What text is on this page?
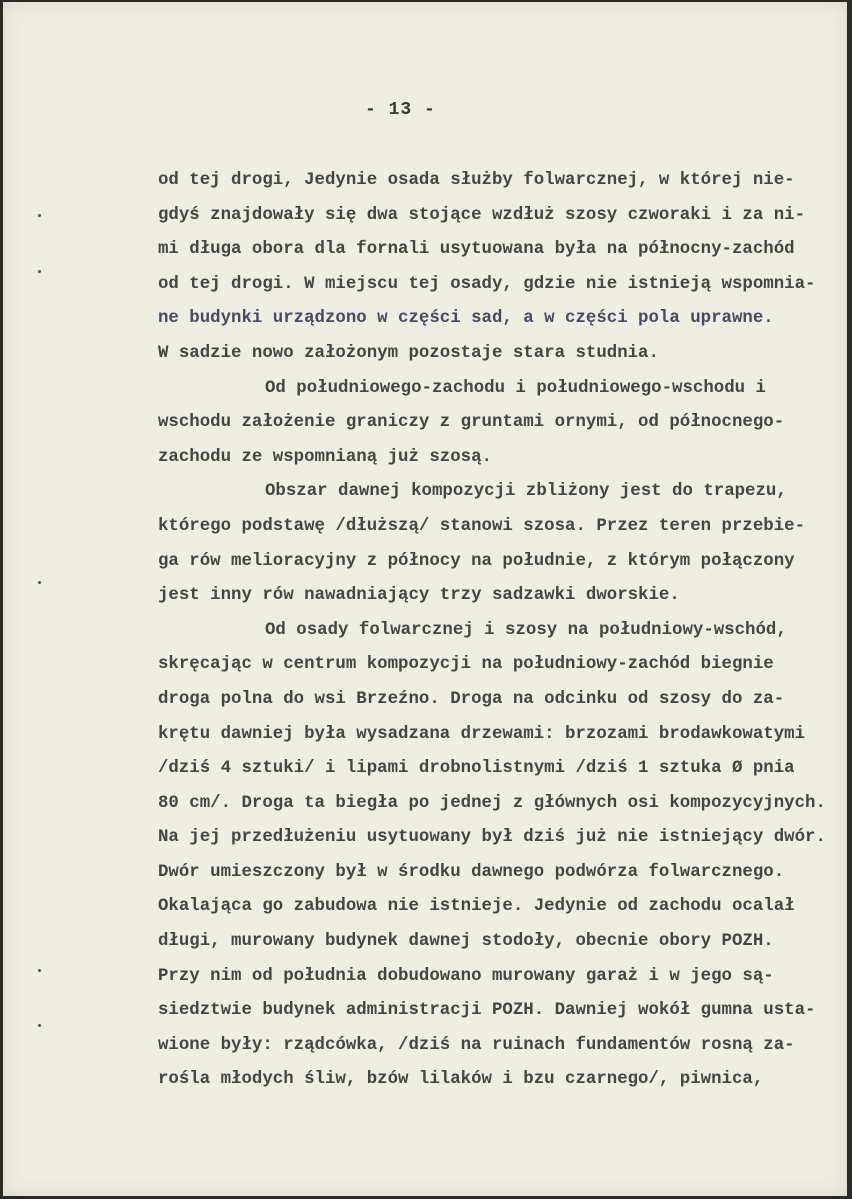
- 13 -
od tej drogi, Jedynie osada służby folwarcznej, w której nie-
gdyś znajdowały się dwa stojące wzdłuż szosy czworaki i za ni-
mi długa obora dla fornali usytuowana była na północny-zachód
od tej drogi. W miejscu tej osady, gdzie nie istnieją wspomnia-
ne budynki urządzono w części sad, a w części pola uprawne.
W sadzie nowo założonym pozostaje stara studnia.
Od południowego-zachodu i południowego-wschodu i
wschodu założenie graniczy z gruntami ornymi, od północnego-
zachodu ze wspomnianą już szosą.
Obszar dawnej kompozycji zbliżony jest do trapezu,
którego podstawę /dłuższą/ stanowi szosa. Przez teren przebie-
ga rów melioracyjny z północy na południe, z którym połączony
jest inny rów nawadniający trzy sadzawki dworskie.
Od osady folwarcznej i szosy na południowy-wschód,
skręcając w centrum kompozycji na południowy-zachód biegnie
droga polna do wsi Brzeźno. Droga na odcinku od szosy do za-
krętu dawniej była wysadzana drzewami: brzozami brodawkowatymi
/dziś 4 sztuki/ i lipami drobnolistnymi /dziś 1 sztuka Ø pnia
80 cm/. Droga ta biegła po jednej z głównych osi kompozycyjnych.
Na jej przedłużeniu usytuowany był dziś już nie istniejący dwór.
Dwór umieszczony był w środku dawnego podwórza folwarcznego.
Okalająca go zabudowa nie istnieje. Jedynie od zachodu ocalał
długi, murowany budynek dawnej stodoły, obecnie obory POZH.
Przy nim od południa dobudowano murowany garaż i w jego są-
siedztwie budynek administracji POZH. Dawniej wokół gumna usta-
wione były: rządcówka, /dziś na ruinach fundamentów rosną za-
rośla młodych śliw, bzów lilaków i bzu czarnego/, piwnica,
